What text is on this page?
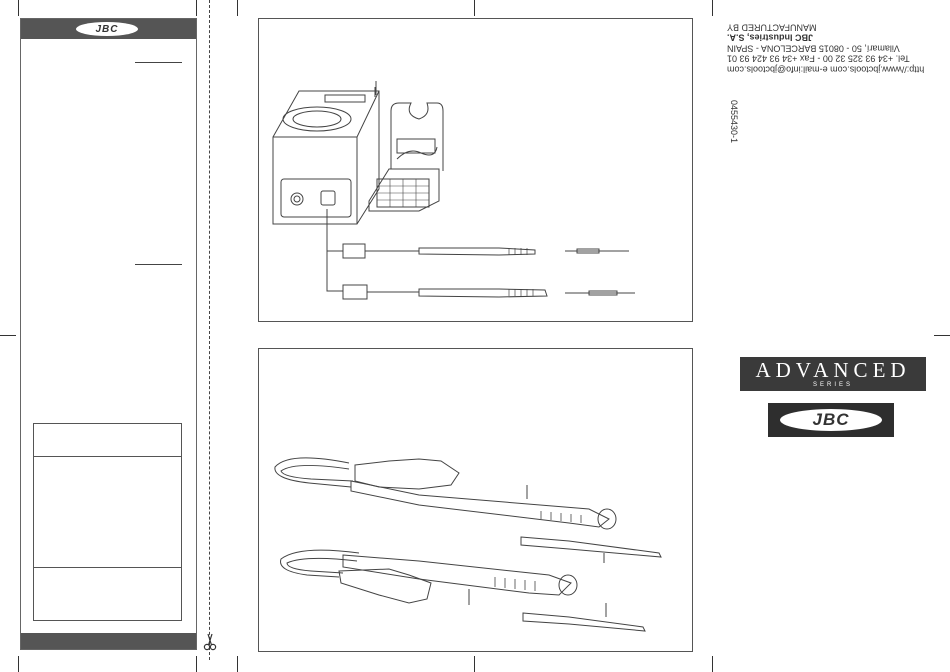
JBC
http://www.jbctools.com e-mail:info@jbctools.com
Tel. +34 93 325 32 00 - Fax +34 93 424 93 01
Vilamarí, 50 - 08015 BARCELONA - SPAIN
JBC Industries, S.A.
MANUFACTURED BY
0455430-1
ADVANCED
SERIES
JBC
